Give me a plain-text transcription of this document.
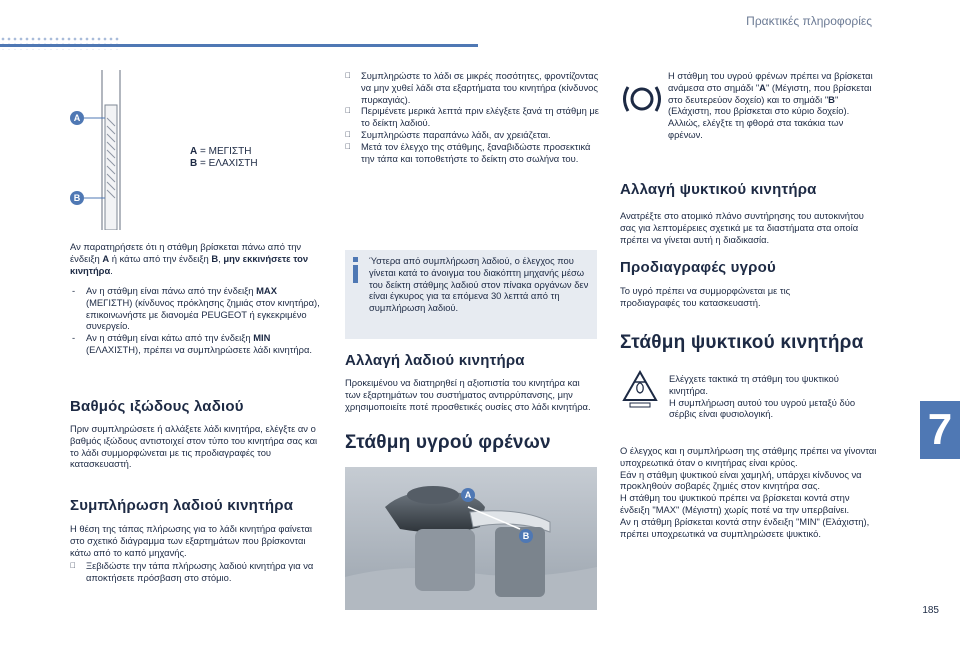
Πρακτικές πληροφορίες
A
B
A = ΜΕΓΙΣΤΗ
B = ΕΛΑΧΙΣΤΗ

Αν παρατηρήσετε ότι η στάθμη βρίσκεται πάνω από την ένδειξη A ή κάτω από την ένδειξη B, μην εκκινήσετε τον κινητήρα.

- Αν η στάθμη είναι πάνω από την ένδειξη MAX (ΜΕΓΙΣΤΗ) (κίνδυνος πρόκλησης ζημιάς στον κινητήρα), επικοινωνήστε με διανομέα PEUGEOT ή εγκεκριμένο συνεργείο.
- Αν η στάθμη είναι κάτω από την ένδειξη MIN (ΕΛΑΧΙΣΤΗ), πρέπει να συμπληρώσετε λάδι κινητήρα.
Βαθμός ιξώδους λαδιού

Πριν συμπληρώσετε ή αλλάξετε λάδι κινητήρα, ελέγξτε αν ο βαθμός ιξώδους αντιστοιχεί στον τύπο του κινητήρα σας και το λάδι συμμορφώνεται με τις προδιαγραφές του κατασκευαστή.

Συμπλήρωση λαδιού κινητήρα

Η θέση της τάπας πλήρωσης για το λάδι κινητήρα φαίνεται στο σχετικό διάγραμμα των εξαρτημάτων που βρίσκονται κάτω από το καπό μηχανής.

Ξεβιδώστε την τάπα πλήρωσης λαδιού κινητήρα για να αποκτήσετε πρόσβαση στο στόμιο.
Συμπληρώστε το λάδι σε μικρές ποσότητες, φροντίζοντας να μην χυθεί λάδι στα εξαρτήματα του κινητήρα (κίνδυνος πυρκαγιάς).
Περιμένετε μερικά λεπτά πριν ελέγξετε ξανά τη στάθμη με το δείκτη λαδιού.
Συμπληρώστε παραπάνω λάδι, αν χρειάζεται.
Μετά τον έλεγχο της στάθμης, ξαναβιδώστε προσεκτικά την τάπα και τοποθετήστε το δείκτη στο σωλήνα του.

Ύστερα από συμπλήρωση λαδιού, ο έλεγχος που γίνεται κατά το άνοιγμα του διακόπτη μηχανής μέσω του δείκτη στάθμης λαδιού στον πίνακα οργάνων δεν είναι έγκυρος για τα επόμενα 30 λεπτά από τη συμπλήρωση λαδιού.

Αλλαγή λαδιού κινητήρα

Προκειμένου να διατηρηθεί η αξιοπιστία του κινητήρα και των εξαρτημάτων του συστήματος αντιρρύπανσης, μην χρησιμοποιείτε ποτέ προσθετικές ουσίες στο λάδι κινητήρα.

Στάθμη υγρού φρένων
A
B

Η στάθμη του υγρού φρένων πρέπει να βρίσκεται ανάμεσα στο σημάδι "A" (Μέγιστη, που βρίσκεται στο δευτερεύον δοχείο) και το σημάδι "B" (Ελάχιστη, που βρίσκεται στο κύριο δοχείο). Αλλιώς, ελέγξτε τη φθορά στα τακάκια των φρένων.

Αλλαγή ψυκτικού κινητήρα

Ανατρέξτε στο ατομικό πλάνο συντήρησης του αυτοκινήτου σας για λεπτομέρειες σχετικά με τα διαστήματα στα οποία πρέπει να γίνεται αυτή η διαδικασία.

Προδιαγραφές υγρού

Το υγρό πρέπει να συμμορφώνεται με τις προδιαγραφές του κατασκευαστή.

Στάθμη ψυκτικού κινητήρα

Ελέγχετε τακτικά τη στάθμη του ψυκτικού κινητήρα.
Η συμπλήρωση αυτού του υγρού μεταξύ δύο σέρβις είναι φυσιολογική.

Ο έλεγχος και η συμπλήρωση της στάθμης πρέπει να γίνονται υποχρεωτικά όταν ο κινητήρας είναι κρύος.
Εάν η στάθμη ψυκτικού είναι χαμηλή, υπάρχει κίνδυνος να προκληθούν σοβαρές ζημιές στον κινητήρα σας.
Η στάθμη του ψυκτικού πρέπει να βρίσκεται κοντά στην ένδειξη "MAX" (Μέγιστη) χωρίς ποτέ να την υπερβαίνει.
Αν η στάθμη βρίσκεται κοντά στην ένδειξη "MIN" (Ελάχιστη), πρέπει υποχρεωτικά να συμπληρώσετε ψυκτικό.

7
185
